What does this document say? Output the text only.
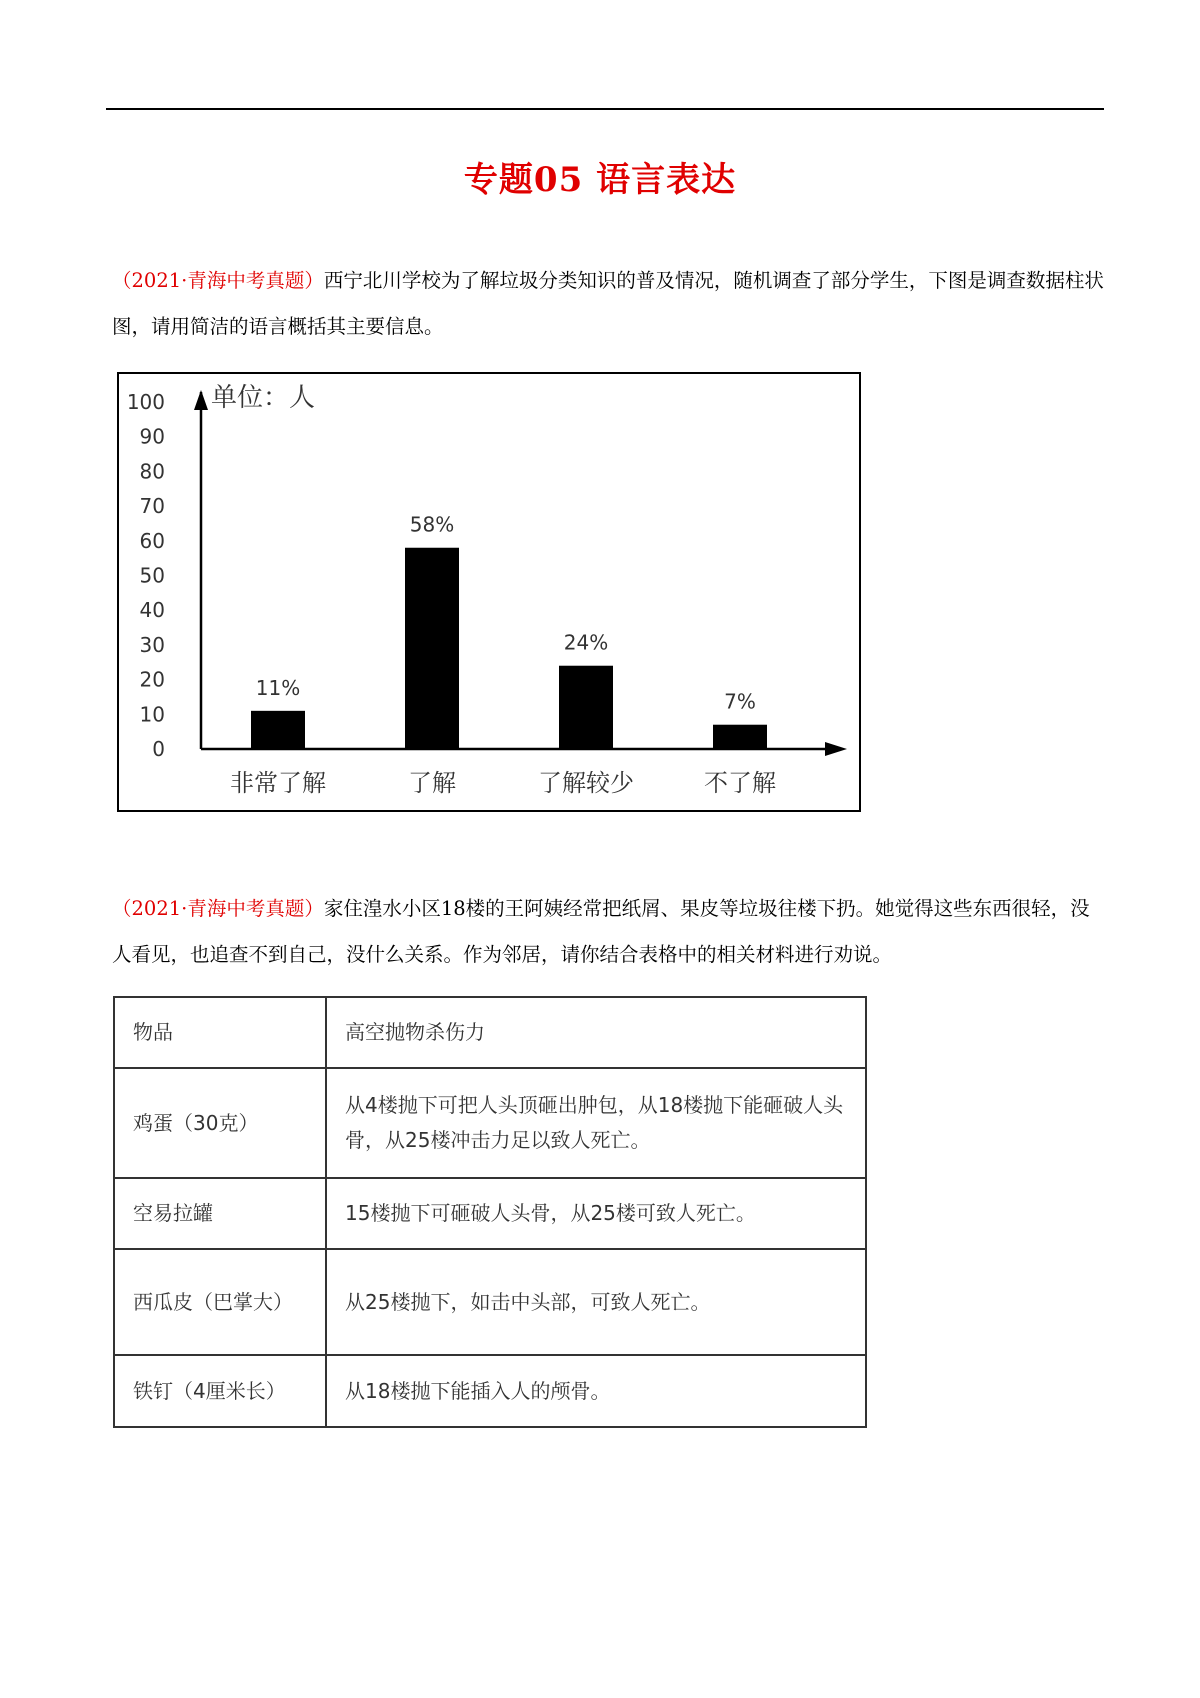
专题05 语言表达
（2021·青海中考真题）西宁北川学校为了解垃圾分类知识的普及情况，随机调查了部分学生，下图是调查数据柱状图，请用简洁的语言概括其主要信息。
0
10
20
30
40
50
60
70
80
90
100 单位：人
11%
非常了解
58%
了解
24%
了解较少
7%
不了解
（2021·青海中考真题）家住湟水小区18楼的王阿姨经常把纸屑、果皮等垃圾往楼下扔。她觉得这些东西很轻，没人看见，也追查不到自己，没什么关系。作为邻居，请你结合表格中的相关材料进行劝说。
物品	高空抛物杀伤力
鸡蛋（30克）	从4楼抛下可把人头顶砸出肿包，从18楼抛下能砸破人头骨，从25楼冲击力足以致人死亡。
空易拉罐	15楼抛下可砸破人头骨，从25楼可致人死亡。
西瓜皮（巴掌大）	从25楼抛下，如击中头部，可致人死亡。
铁钉（4厘米长）	从18楼抛下能插入人的颅骨。
